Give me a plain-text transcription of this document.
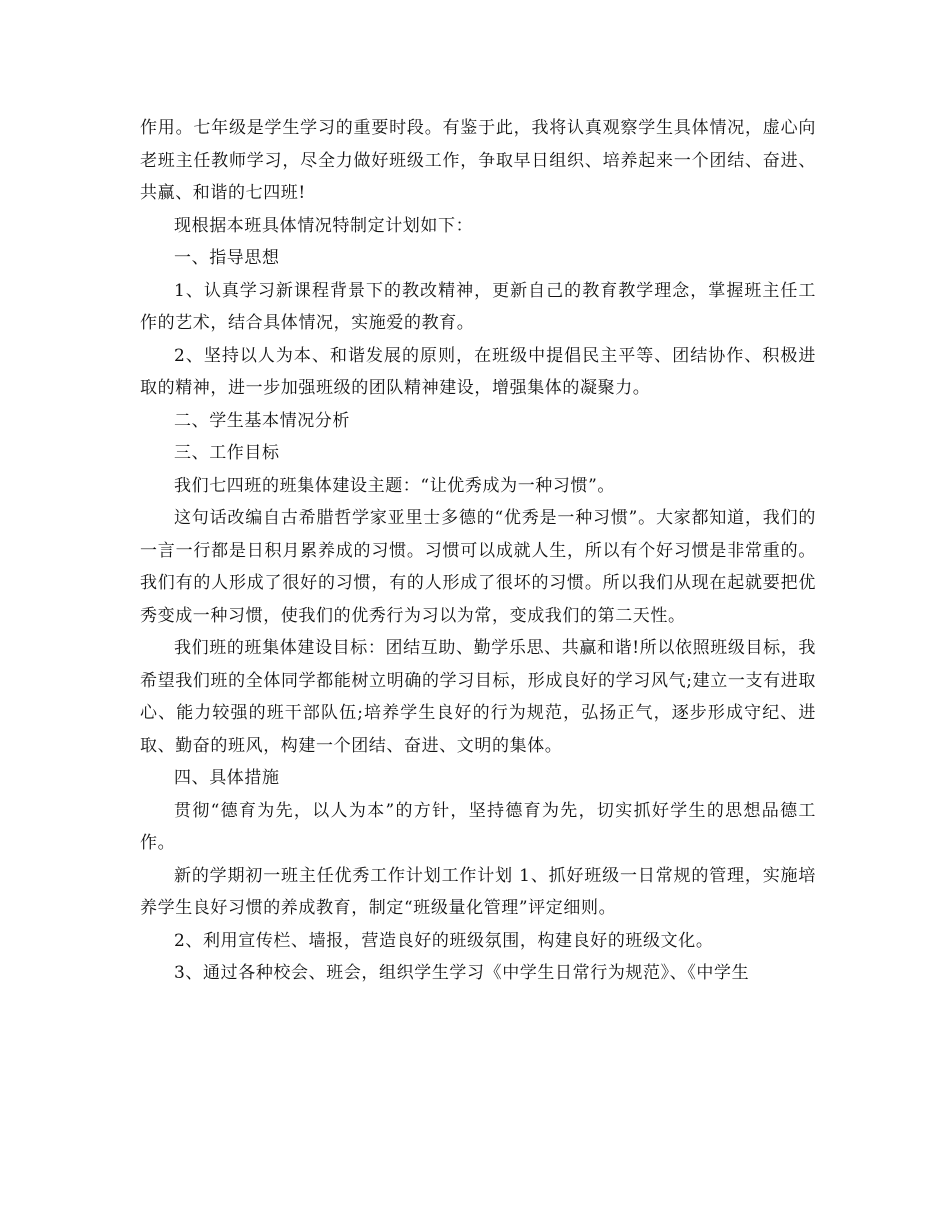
作用。七年级是学生学习的重要时段。有鉴于此，我将认真观察学生具体情况，虚心向老班主任教师学习，尽全力做好班级工作，争取早日组织、培养起来一个团结、奋进、共赢、和谐的七四班!

现根据本班具体情况特制定计划如下：

一、指导思想

1、认真学习新课程背景下的教改精神，更新自己的教育教学理念，掌握班主任工作的艺术，结合具体情况，实施爱的教育。

2、坚持以人为本、和谐发展的原则，在班级中提倡民主平等、团结协作、积极进取的精神，进一步加强班级的团队精神建设，增强集体的凝聚力。

二、学生基本情况分析

三、工作目标

我们七四班的班集体建设主题：“让优秀成为一种习惯”。

这句话改编自古希腊哲学家亚里士多德的“优秀是一种习惯”。大家都知道，我们的一言一行都是日积月累养成的习惯。习惯可以成就人生，所以有个好习惯是非常重的。我们有的人形成了很好的习惯，有的人形成了很坏的习惯。所以我们从现在起就要把优秀变成一种习惯，使我们的优秀行为习以为常，变成我们的第二天性。

我们班的班集体建设目标：团结互助、勤学乐思、共赢和谐!所以依照班级目标，我希望我们班的全体同学都能树立明确的学习目标，形成良好的学习风气;建立一支有进取心、能力较强的班干部队伍;培养学生良好的行为规范，弘扬正气，逐步形成守纪、进取、勤奋的班风，构建一个团结、奋进、文明的集体。

四、具体措施

贯彻“德育为先，以人为本”的方针，坚持德育为先，切实抓好学生的思想品德工作。

新的学期初一班主任优秀工作计划工作计划 1、抓好班级一日常规的管理，实施培养学生良好习惯的养成教育，制定“班级量化管理”评定细则。

2、利用宣传栏、墙报，营造良好的班级氛围，构建良好的班级文化。

3、通过各种校会、班会，组织学生学习《中学生日常行为规范》、《中学生
